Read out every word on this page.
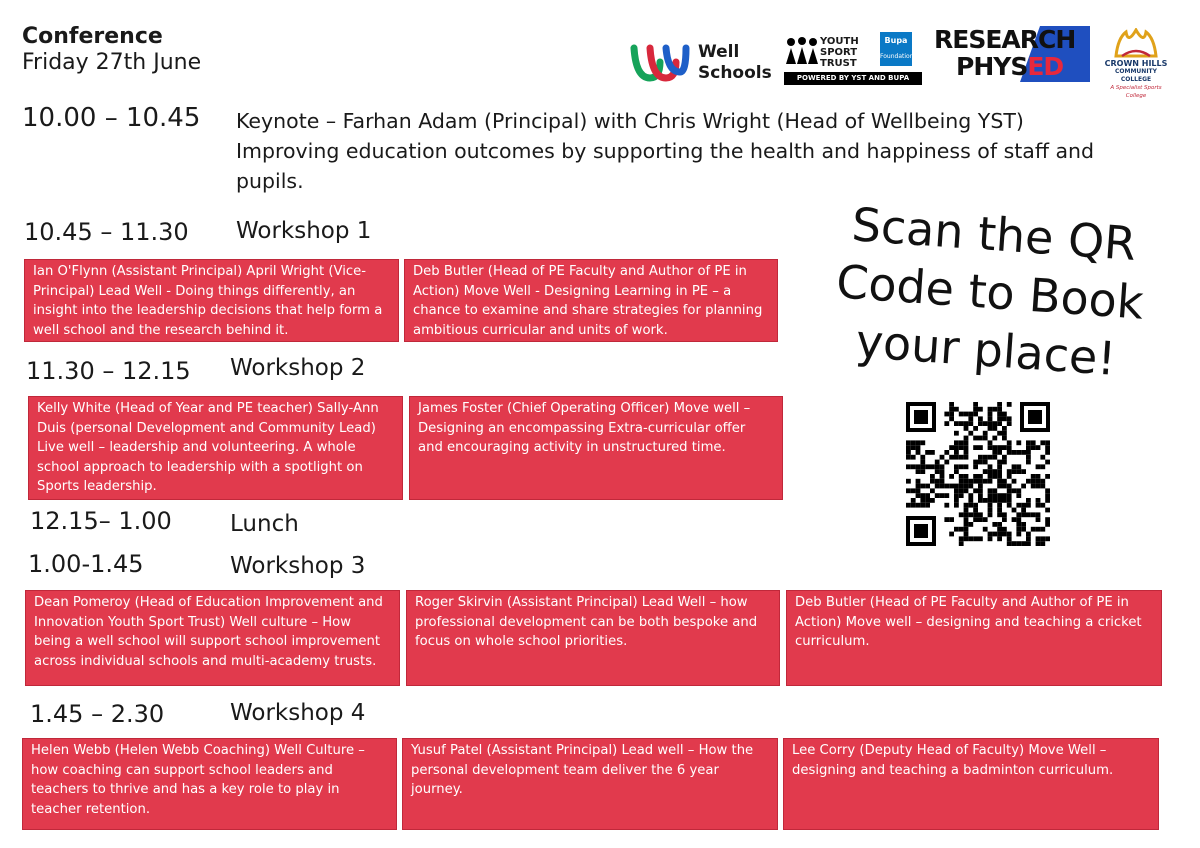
Conference
Friday 27th June	Well
Schools
YOUTH
SPORT
TRUST
Bupa
Foundation
POWERED BY YST AND BUPA FOUNDATION
RESEARCH
PHYSED	CROWN HILLS
COMMUNITY COLLEGE
A Specialist Sports College
10.00 – 10.45 Keynote – Farhan Adam (Principal) with Chris Wright (Head of Wellbeing YST)
Improving education outcomes by supporting the health and happiness of staff and pupils.
10.45 – 11.30 Workshop 1
Ian O'Flynn (Assistant Principal) April Wright (Vice-Principal) Lead Well - Doing things differently, an insight into the leadership decisions that help form a well school and the research behind it.
Deb Butler (Head of PE Faculty and Author of PE in Action) Move Well - Designing Learning in PE – a chance to examine and share strategies for planning ambitious curricular and units of work.
11.30 – 12.15 Workshop 2
Kelly White (Head of Year and PE teacher) Sally-Ann Duis (personal Development and Community Lead) Live well – leadership and volunteering. A whole school approach to leadership with a spotlight on Sports leadership.
James Foster (Chief Operating Officer) Move well – Designing an encompassing Extra-curricular offer and encouraging activity in unstructured time.
12.15– 1.00	Lunch
1.00-1.45	Workshop 3
Dean Pomeroy (Head of Education Improvement and Innovation Youth Sport Trust) Well culture – How being a well school will support school improvement across individual schools and multi-academy trusts.
Roger Skirvin (Assistant Principal) Lead Well – how professional development can be both bespoke and focus on whole school priorities.
Deb Butler (Head of PE Faculty and Author of PE in Action) Move well – designing and teaching a cricket curriculum.
1.45 – 2.30	Workshop 4
Helen Webb (Helen Webb Coaching) Well Culture – how coaching can support school leaders and teachers to thrive and has a key role to play in teacher retention.
Yusuf Patel (Assistant Principal) Lead well – How the personal development team deliver the 6 year journey.
Lee Corry (Deputy Head of Faculty) Move Well – designing and teaching a badminton curriculum.
Scan the QR
Code to Book
your place!
